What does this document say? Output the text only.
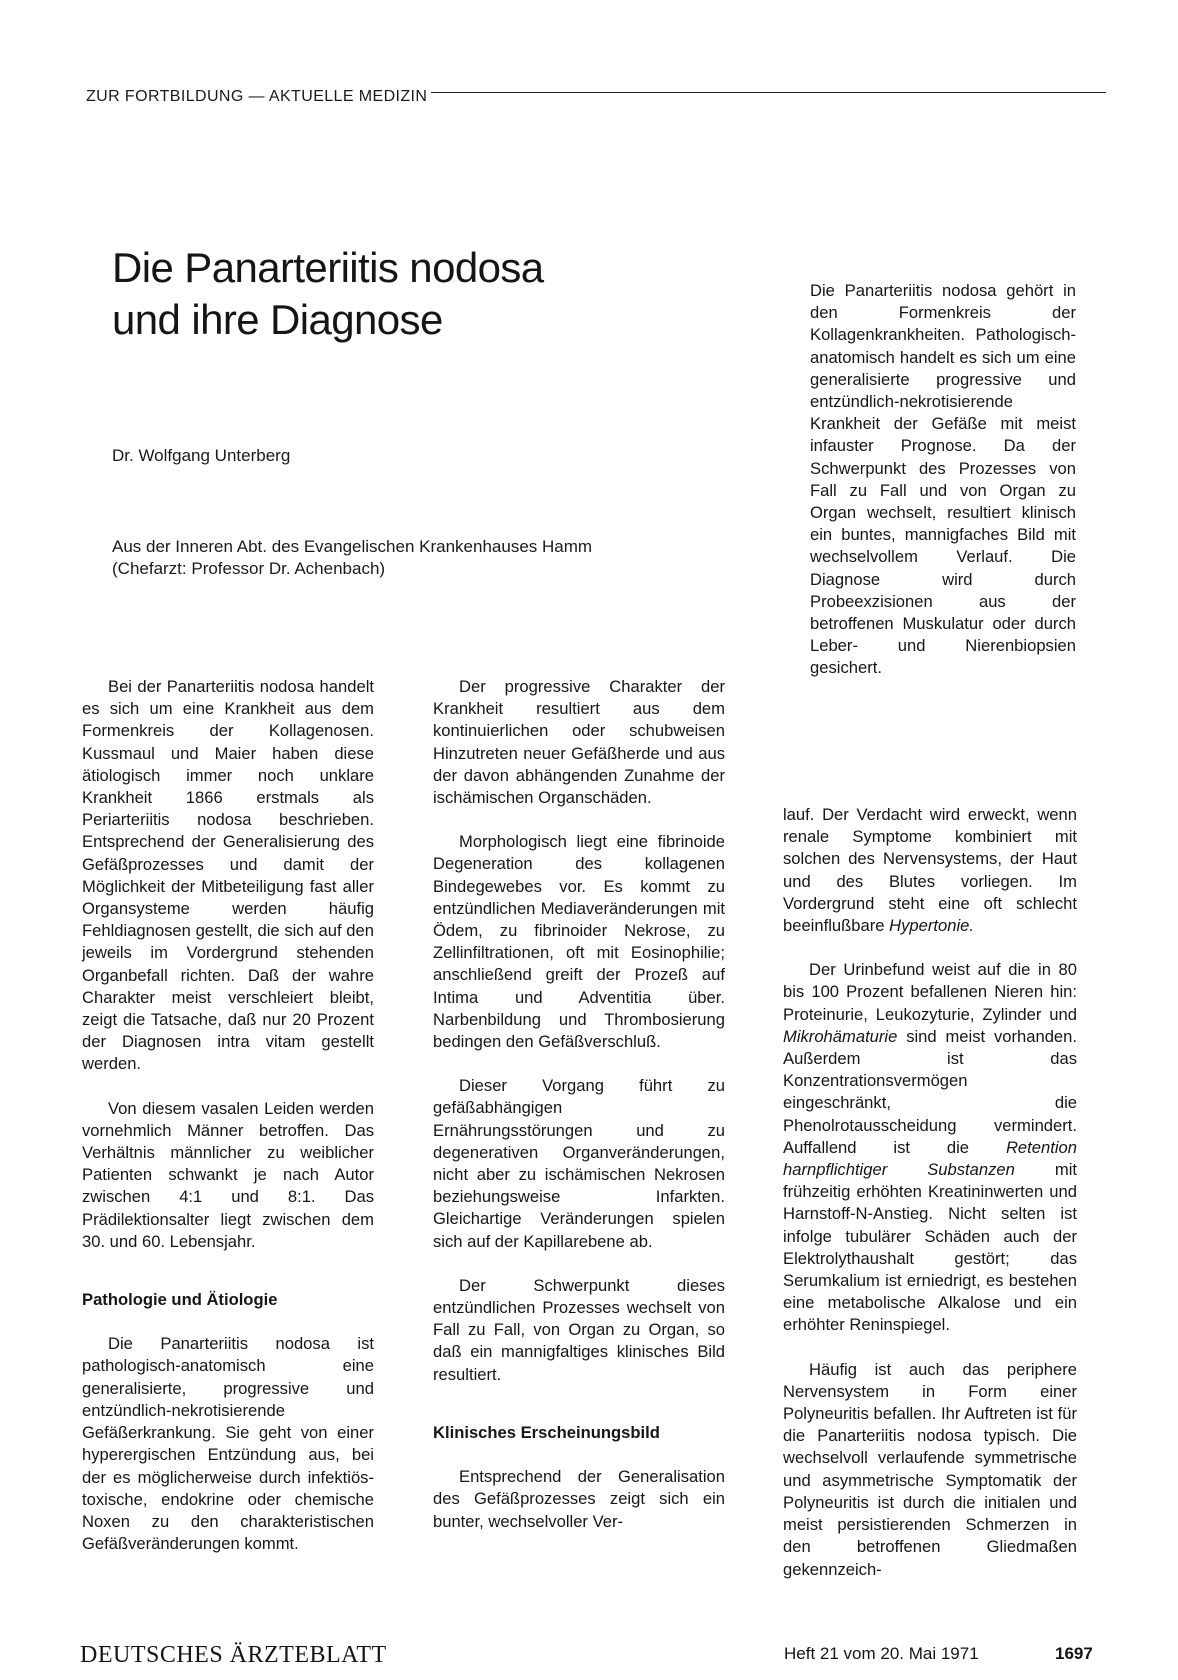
ZUR FORTBILDUNG — AKTUELLE MEDIZIN
Die Panarteriitis nodosa
und ihre Diagnose
Dr. Wolfgang Unterberg
Aus der Inneren Abt. des Evangelischen Krankenhauses Hamm
(Chefarzt: Professor Dr. Achenbach)

Die Panarteriitis nodosa gehört in den Formenkreis der Kollagenkrankheiten. Pathologisch-anatomisch handelt es sich um eine generalisierte progressive und entzündlich-nekrotisierende Krankheit der Gefäße mit meist infauster Prognose. Da der Schwerpunkt des Prozesses von Fall zu Fall und von Organ zu Organ wechselt, resultiert klinisch ein buntes, mannigfaches Bild mit wechselvollem Verlauf. Die Diagnose wird durch Probeexzisionen aus der betroffenen Muskulatur oder durch Leber- und Nierenbiopsien gesichert.

Bei der Panarteriitis nodosa handelt es sich um eine Krankheit aus dem Formenkreis der Kollagenosen. Kussmaul und Maier haben diese ätiologisch immer noch unklare Krankheit 1866 erstmals als Periarteriitis nodosa beschrieben. Entsprechend der Generalisierung des Gefäßprozesses und damit der Möglichkeit der Mitbeteiligung fast aller Organsysteme werden häufig Fehldiagnosen gestellt, die sich auf den jeweils im Vordergrund stehenden Organbefall richten. Daß der wahre Charakter meist verschleiert bleibt, zeigt die Tatsache, daß nur 20 Prozent der Diagnosen intra vitam gestellt werden.

Von diesem vasalen Leiden werden vornehmlich Männer betroffen. Das Verhältnis männlicher zu weiblicher Patienten schwankt je nach Autor zwischen 4:1 und 8:1. Das Prädilektionsalter liegt zwischen dem 30. und 60. Lebensjahr.

Pathologie und Ätiologie

Die Panarteriitis nodosa ist pathologisch-anatomisch eine generalisierte, progressive und entzündlich-nekrotisierende Gefäßerkrankung. Sie geht von einer hyperergischen Entzündung aus, bei der es möglicherweise durch infektiös-toxische, endokrine oder chemische Noxen zu den charakteristischen Gefäßveränderungen kommt.

Der progressive Charakter der Krankheit resultiert aus dem kontinuierlichen oder schubweisen Hinzutreten neuer Gefäßherde und aus der davon abhängenden Zunahme der ischämischen Organschäden.

Morphologisch liegt eine fibrinoide Degeneration des kollagenen Bindegewebes vor. Es kommt zu entzündlichen Mediaveränderungen mit Ödem, zu fibrinoider Nekrose, zu Zellinfiltrationen, oft mit Eosinophilie; anschließend greift der Prozeß auf Intima und Adventitia über. Narbenbildung und Thrombosierung bedingen den Gefäßverschluß.

Dieser Vorgang führt zu gefäßabhängigen Ernährungsstörungen und zu degenerativen Organveränderungen, nicht aber zu ischämischen Nekrosen beziehungsweise Infarkten. Gleichartige Veränderungen spielen sich auf der Kapillarebene ab.

Der Schwerpunkt dieses entzündlichen Prozesses wechselt von Fall zu Fall, von Organ zu Organ, so daß ein mannigfaltiges klinisches Bild resultiert.

Klinisches Erscheinungsbild

Entsprechend der Generalisation des Gefäßprozesses zeigt sich ein bunter, wechselvoller Ver-

lauf. Der Verdacht wird erweckt, wenn renale Symptome kombiniert mit solchen des Nervensystems, der Haut und des Blutes vorliegen. Im Vordergrund steht eine oft schlecht beeinflußbare Hypertonie.

Der Urinbefund weist auf die in 80 bis 100 Prozent befallenen Nieren hin: Proteinurie, Leukozyturie, Zylinder und Mikrohämaturie sind meist vorhanden. Außerdem ist das Konzentrationsvermögen eingeschränkt, die Phenolrotausscheidung vermindert. Auffallend ist die Retention harnpflichtiger Substanzen mit frühzeitig erhöhten Kreatininwerten und Harnstoff-N-Anstieg. Nicht selten ist infolge tubulärer Schäden auch der Elektrolythaushalt gestört; das Serumkalium ist erniedrigt, es bestehen eine metabolische Alkalose und ein erhöhter Reninspiegel.

Häufig ist auch das periphere Nervensystem in Form einer Polyneuritis befallen. Ihr Auftreten ist für die Panarteriitis nodosa typisch. Die wechselvoll verlaufende symmetrische und asymmetrische Symptomatik der Polyneuritis ist durch die initialen und meist persistierenden Schmerzen in den betroffenen Gliedmaßen gekennzeich-

DEUTSCHES ÄRZTEBLATT	Heft 21 vom 20. Mai 1971	1697
